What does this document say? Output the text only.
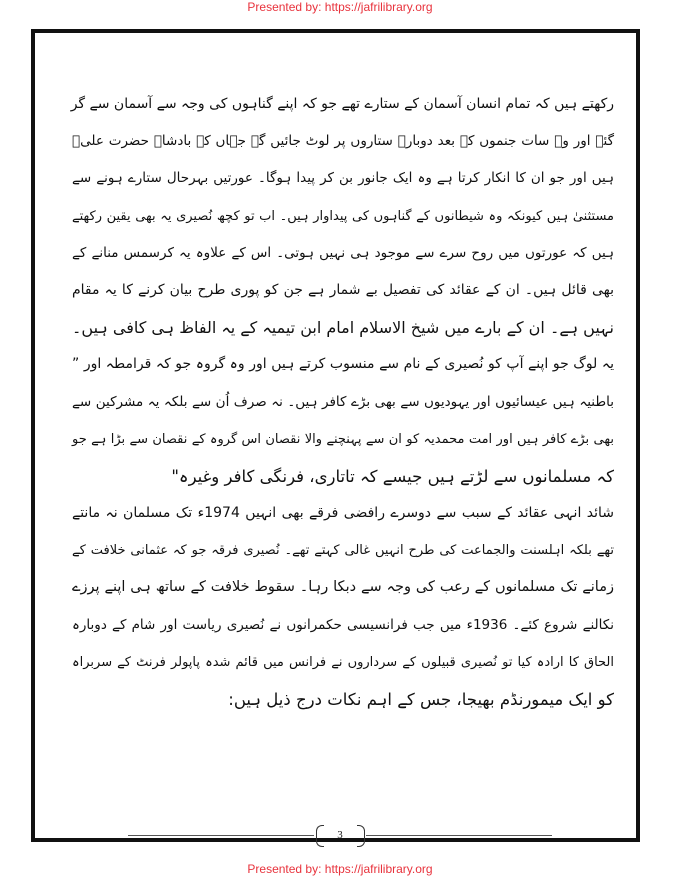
Presented by: https://jafrilibrary.org
رکھتے ہیں کہ تمام انسان آسمان کے ستارے تھے جو کہ اپنے گناہوں کی وجہ سے آسمان سے گر
گئے اور وہ سات جنموں کے بعد دوبارہ ستاروں پر لوٹ جائیں گے جہاں کے بادشاہ حضرت علیؑ
ہیں اور جو ان کا انکار کرتا ہے وہ ایک جانور بن کر پیدا ہوگا۔ عورتیں بہرحال ستارے ہونے سے
مستثنیٰ ہیں کیونکہ وہ شیطانوں کے گناہوں کی پیداوار ہیں۔ اب تو کچھ نُصیری یہ بھی یقین رکھتے
ہیں کہ عورتوں میں روح سرے سے موجود ہی نہیں ہوتی۔ اس کے علاوہ یہ کرسمس منانے کے
بھی قائل ہیں۔ ان کے عقائد کی تفصیل بے شمار ہے جن کو پوری طرح بیان کرنے کا یہ مقام
نہیں ہے۔ ان کے بارے میں شیخ الاسلام امام ابن تیمیہ کے یہ الفاظ ہی کافی ہیں۔
یہ لوگ جو اپنے آپ کو نُصیری کے نام سے منسوب کرتے ہیں اور وہ گروہ جو کہ قرامطہ اور ”
باطنیہ ہیں عیسائیوں اور یہودیوں سے بھی بڑے کافر ہیں۔ نہ صرف اُن سے بلکہ یہ مشرکین سے
بھی بڑے کافر ہیں اور امت محمدیہ کو ان سے پہنچنے والا نقصان اس گروہ کے نقصان سے بڑا ہے جو
کہ مسلمانوں سے لڑتے ہیں جیسے کہ تاتاری، فرنگی کافر وغیرہ"
شائد انہی عقائد کے سبب سے دوسرے رافضی فرقے بھی انہیں 1974ء تک مسلمان نہ مانتے
تھے بلکہ اہلسنت والجماعت کی طرح انہیں غالی کہتے تھے۔ نُصیری فرقہ جو کہ عثمانی خلافت کے
زمانے تک مسلمانوں کے رعب کی وجہ سے دبکا رہا۔ سقوط خلافت کے ساتھ ہی اپنے پرزے
نکالنے شروع کئے۔ 1936ء میں جب فرانسیسی حکمرانوں نے نُصیری ریاست اور شام کے دوبارہ
الحاق کا ارادہ کیا تو نُصیری قبیلوں کے سرداروں نے فرانس میں قائم شدہ پاپولر فرنٹ کے سربراہ
کو ایک میمورنڈم بھیجا، جس کے اہم نکات درج ذیل ہیں:
3
Presented by: https://jafrilibrary.org
